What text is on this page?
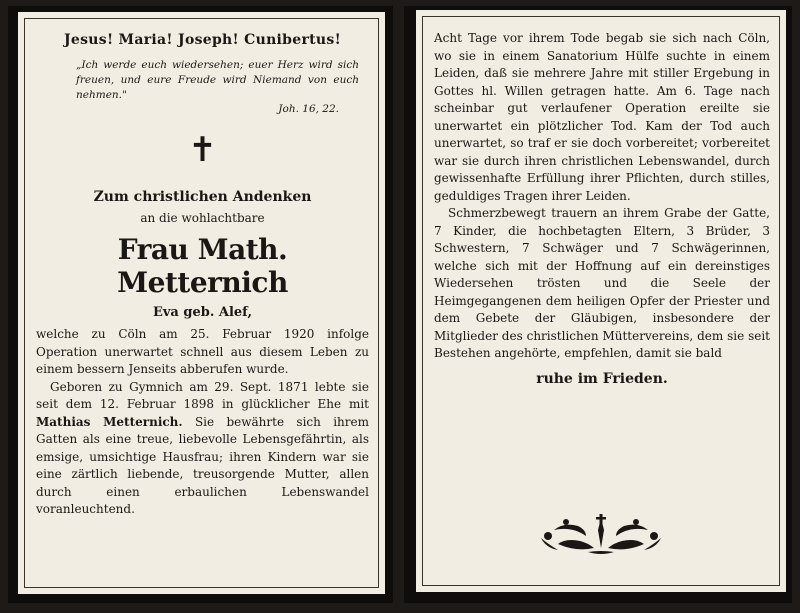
Jesus! Maria! Joseph! Cunibertus!
„Ich werde euch wiedersehen; euer Herz wird sich freuen, und eure Freude wird Niemand von euch nehmen."
Joh. 16, 22.
✝
Zum christlichen Andenken
an die wohlachtbare
Frau Math. Metternich
Eva geb. Alef,

welche zu Cöln am 25. Februar 1920 infolge Operation unerwartet schnell aus diesem Leben zu einem bessern Jenseits abberufen wurde.

Geboren zu Gymnich am 29. Sept. 1871 lebte sie seit dem 12. Februar 1898 in glücklicher Ehe mit Mathias Metternich. Sie bewährte sich ihrem Gatten als eine treue, liebevolle Lebensgefährtin, als emsige, umsichtige Hausfrau; ihren Kindern war sie eine zärtlich liebende, treusorgende Mutter, allen durch einen erbaulichen Lebenswandel voranleuchtend.

Acht Tage vor ihrem Tode begab sie sich nach Cöln, wo sie in einem Sanatorium Hülfe suchte in einem Leiden, daß sie mehrere Jahre mit stiller Ergebung in Gottes hl. Willen getragen hatte. Am 6. Tage nach scheinbar gut verlaufener Operation ereilte sie unerwartet ein plötzlicher Tod. Kam der Tod auch unerwartet, so traf er sie doch vorbereitet; vorbereitet war sie durch ihren christlichen Lebenswandel, durch gewissenhafte Erfüllung ihrer Pflichten, durch stilles, geduldiges Tragen ihrer Leiden.

Schmerzbewegt trauern an ihrem Grabe der Gatte, 7 Kinder, die hochbetagten Eltern, 3 Brüder, 3 Schwestern, 7 Schwäger und 7 Schwägerinnen, welche sich mit der Hoffnung auf ein dereinstiges Wiedersehen trösten und die Seele der Heimgegangenen dem heiligen Opfer der Priester und dem Gebete der Gläubigen, insbesondere der Mitglieder des christlichen Müttervereins, dem sie seit Bestehen angehörte, empfehlen, damit sie bald

ruhe im Frieden.
